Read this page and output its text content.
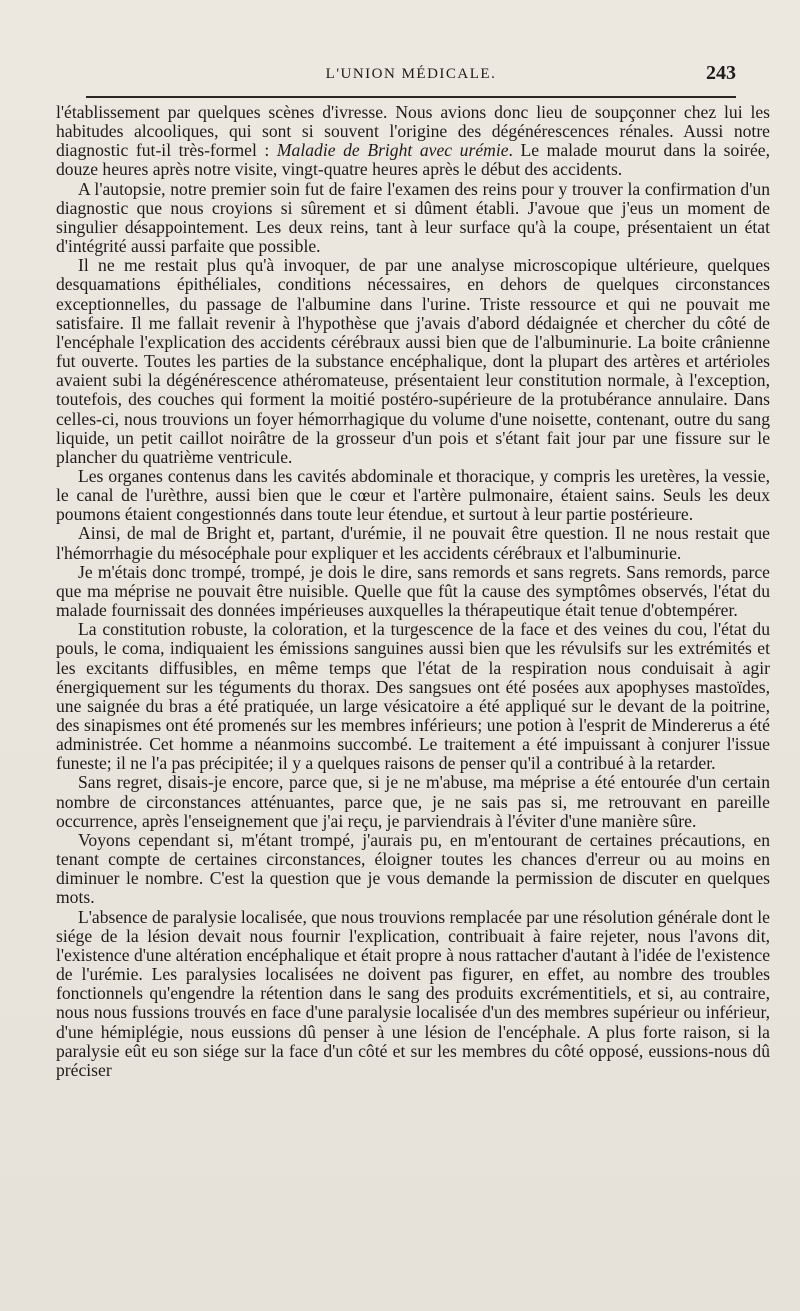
L'UNION MÉDICALE.	243

l'établissement par quelques scènes d'ivresse. Nous avions donc lieu de soupçonner chez lui les habitudes alcooliques, qui sont si souvent l'origine des dégénérescences rénales. Aussi notre diagnostic fut-il très-formel : Maladie de Bright avec urémie. Le malade mourut dans la soirée, douze heures après notre visite, vingt-quatre heures après le début des accidents.

A l'autopsie, notre premier soin fut de faire l'examen des reins pour y trouver la confirmation d'un diagnostic que nous croyions si sûrement et si dûment établi. J'avoue que j'eus un moment de singulier désappointement. Les deux reins, tant à leur surface qu'à la coupe, présentaient un état d'intégrité aussi parfaite que possible.

Il ne me restait plus qu'à invoquer, de par une analyse microscopique ultérieure, quelques desquamations épithéliales, conditions nécessaires, en dehors de quelques circonstances exceptionnelles, du passage de l'albumine dans l'urine. Triste ressource et qui ne pouvait me satisfaire. Il me fallait revenir à l'hypothèse que j'avais d'abord dédaignée et chercher du côté de l'encéphale l'explication des accidents cérébraux aussi bien que de l'albuminurie. La boite crânienne fut ouverte. Toutes les parties de la substance encéphalique, dont la plupart des artères et artérioles avaient subi la dégénérescence athéromateuse, présentaient leur constitution normale, à l'exception, toutefois, des couches qui forment la moitié postéro-supérieure de la protubérance annulaire. Dans celles-ci, nous trouvions un foyer hémorrhagique du volume d'une noisette, contenant, outre du sang liquide, un petit caillot noirâtre de la grosseur d'un pois et s'étant fait jour par une fissure sur le plancher du quatrième ventricule.

Les organes contenus dans les cavités abdominale et thoracique, y compris les uretères, la vessie, le canal de l'urèthre, aussi bien que le cœur et l'artère pulmonaire, étaient sains. Seuls les deux poumons étaient congestionnés dans toute leur étendue, et surtout à leur partie postérieure.

Ainsi, de mal de Bright et, partant, d'urémie, il ne pouvait être question. Il ne nous restait que l'hémorrhagie du mésocéphale pour expliquer et les accidents cérébraux et l'albuminurie.

Je m'étais donc trompé, trompé, je dois le dire, sans remords et sans regrets. Sans remords, parce que ma méprise ne pouvait être nuisible. Quelle que fût la cause des symptômes observés, l'état du malade fournissait des données impérieuses auxquelles la thérapeutique était tenue d'obtempérer.

La constitution robuste, la coloration, et la turgescence de la face et des veines du cou, l'état du pouls, le coma, indiquaient les émissions sanguines aussi bien que les révulsifs sur les extrémités et les excitants diffusibles, en même temps que l'état de la respiration nous conduisait à agir énergiquement sur les téguments du thorax. Des sangsues ont été posées aux apophyses mastoïdes, une saignée du bras a été pratiquée, un large vésicatoire a été appliqué sur le devant de la poitrine, des sinapismes ont été promenés sur les membres inférieurs; une potion à l'esprit de Mindererus a été administrée. Cet homme a néanmoins succombé. Le traitement a été impuissant à conjurer l'issue funeste; il ne l'a pas précipitée; il y a quelques raisons de penser qu'il a contribué à la retarder.

Sans regret, disais-je encore, parce que, si je ne m'abuse, ma méprise a été entourée d'un certain nombre de circonstances atténuantes, parce que, je ne sais pas si, me retrouvant en pareille occurrence, après l'enseignement que j'ai reçu, je parviendrais à l'éviter d'une manière sûre.

Voyons cependant si, m'étant trompé, j'aurais pu, en m'entourant de certaines précautions, en tenant compte de certaines circonstances, éloigner toutes les chances d'erreur ou au moins en diminuer le nombre. C'est la question que je vous demande la permission de discuter en quelques mots.

L'absence de paralysie localisée, que nous trouvions remplacée par une résolution générale dont le siége de la lésion devait nous fournir l'explication, contribuait à faire rejeter, nous l'avons dit, l'existence d'une altération encéphalique et était propre à nous rattacher d'autant à l'idée de l'existence de l'urémie. Les paralysies localisées ne doivent pas figurer, en effet, au nombre des troubles fonctionnels qu'engendre la rétention dans le sang des produits excrémentitiels, et si, au contraire, nous nous fussions trouvés en face d'une paralysie localisée d'un des membres supérieur ou inférieur, d'une hémiplégie, nous eussions dû penser à une lésion de l'encéphale. A plus forte raison, si la paralysie eût eu son siége sur la face d'un côté et sur les membres du côté opposé, eussions-nous dû préciser
